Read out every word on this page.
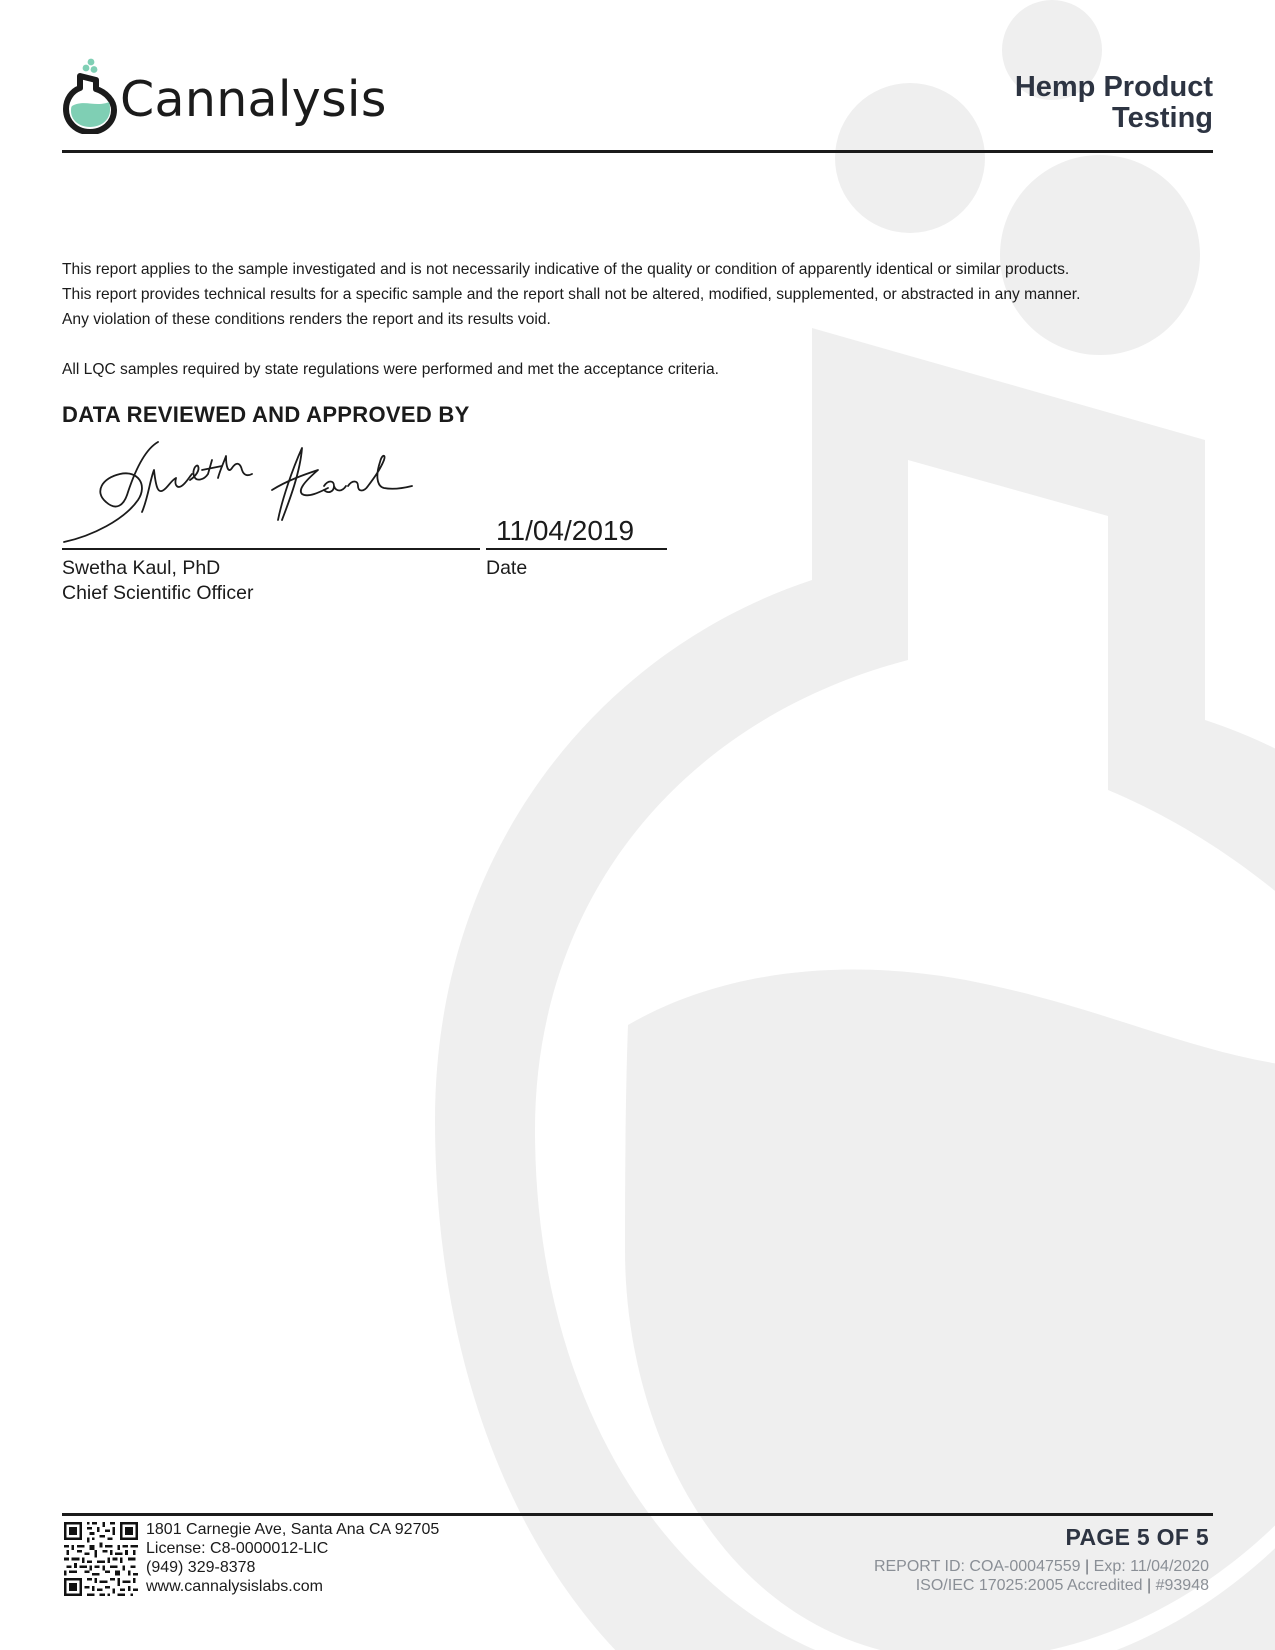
Cannalysis	Hemp Product
Testing

This report applies to the sample investigated and is not necessarily indicative of the quality or condition of apparently identical or similar products.

This report provides technical results for a specific sample and the report shall not be altered, modified, supplemented, or abstracted in any manner.

Any violation of these conditions renders the report and its results void.

All LQC samples required by state regulations were performed and met the acceptance criteria.

DATA REVIEWED AND APPROVED BY
11/04/2019
Swetha Kaul, PhD
Chief Scientific Officer
Date
1801 Carnegie Ave, Santa Ana CA 92705
License: C8-0000012-LIC
(949) 329-8378
www.cannalysislabs.com
PAGE 5 OF 5
REPORT ID: COA-00047559 | Exp: 11/04/2020
ISO/IEC 17025:2005 Accredited | #93948
